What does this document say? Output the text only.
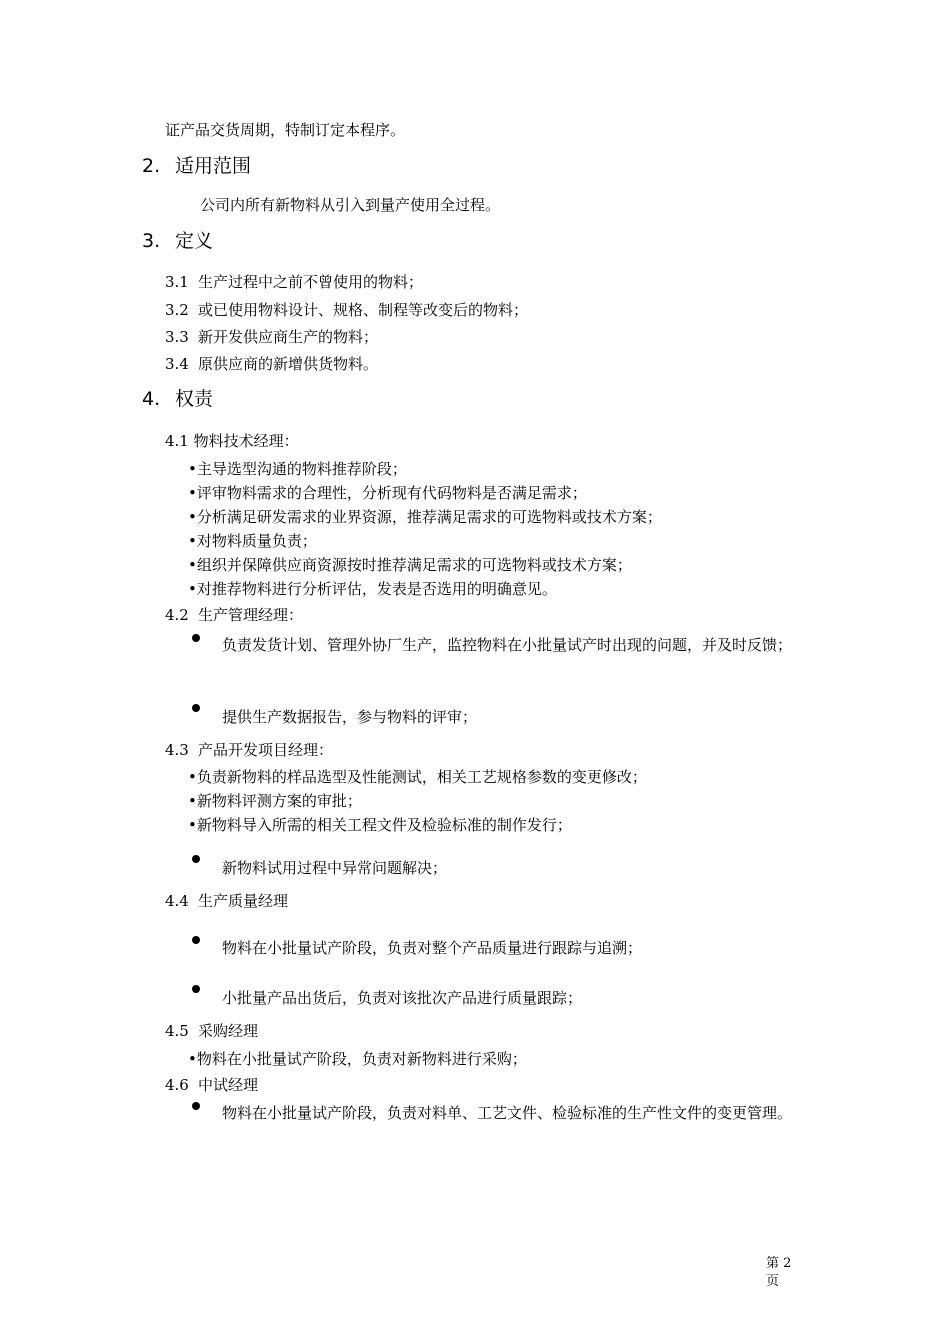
证产品交货周期，特制订定本程序。
2. 适用范围
公司内所有新物料从引入到量产使用全过程。
3. 定义
3.1 生产过程中之前不曾使用的物料；
3.2 或已使用物料设计、规格、制程等改变后的物料；
3.3 新开发供应商生产的物料；
3.4 原供应商的新增供货物料。
4. 权责
4.1 物料技术经理：
•主导选型沟通的物料推荐阶段；
•评审物料需求的合理性，分析现有代码物料是否满足需求；
•分析满足研发需求的业界资源，推荐满足需求的可选物料或技术方案；
•对物料质量负责；
•组织并保障供应商资源按时推荐满足需求的可选物料或技术方案；
•对推荐物料进行分析评估，发表是否选用的明确意见。
4.2 生产管理经理：
负责发货计划、管理外协厂生产，监控物料在小批量试产时出现的问题，并及时反馈；
提供生产数据报告，参与物料的评审；
4.3 产品开发项目经理：
•负责新物料的样品选型及性能测试，相关工艺规格参数的变更修改；
•新物料评测方案的审批；
•新物料导入所需的相关工程文件及检验标准的制作发行；
新物料试用过程中异常问题解决；
4.4 生产质量经理
物料在小批量试产阶段，负责对整个产品质量进行跟踪与追溯；
小批量产品出货后，负责对该批次产品进行质量跟踪；
4.5 采购经理
•物料在小批量试产阶段，负责对新物料进行采购；
4.6 中试经理
物料在小批量试产阶段，负责对料单、工艺文件、检验标准的生产性文件的变更管理。
第 2
页
